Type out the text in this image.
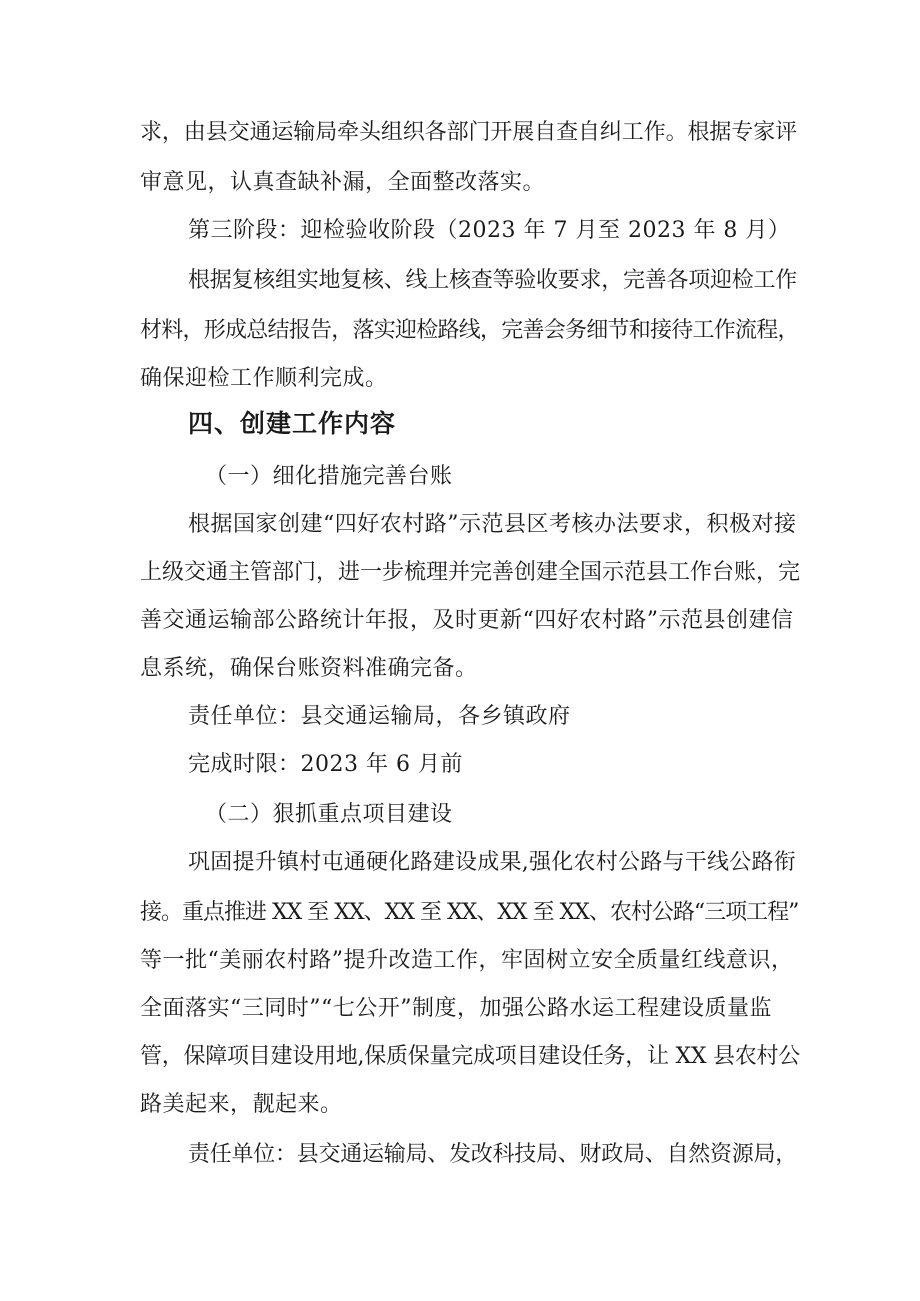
求，由县交通运输局牵头组织各部门开展自查自纠工作。根据专家评
审意见，认真查缺补漏，全面整改落实。
第三阶段：迎检验收阶段（2023 年 7 月至 2023 年 8 月）
根据复核组实地复核、线上核查等验收要求，完善各项迎检工作
材料，形成总结报告，落实迎检路线，完善会务细节和接待工作流程，
确保迎检工作顺利完成。
四、创建工作内容
（一）细化措施完善台账
根据国家创建“四好农村路”示范县区考核办法要求，积极对接
上级交通主管部门，进一步梳理并完善创建全国示范县工作台账，完
善交通运输部公路统计年报，及时更新“四好农村路”示范县创建信
息系统，确保台账资料准确完备。
责任单位：县交通运输局，各乡镇政府
完成时限：2023 年 6 月前
（二）狠抓重点项目建设
巩固提升镇村屯通硬化路建设成果,强化农村公路与干线公路衔
接。重点推进 XX 至 XX、XX 至 XX、XX 至 XX、农村公路“三项工程”
等一批“美丽农村路”提升改造工作，牢固树立安全质量红线意识，
全面落实“三同时”“七公开”制度，加强公路水运工程建设质量监
管，保障项目建设用地,保质保量完成项目建设任务，让 XX 县农村公
路美起来，靓起来。
责任单位：县交通运输局、发改科技局、财政局、自然资源局，
